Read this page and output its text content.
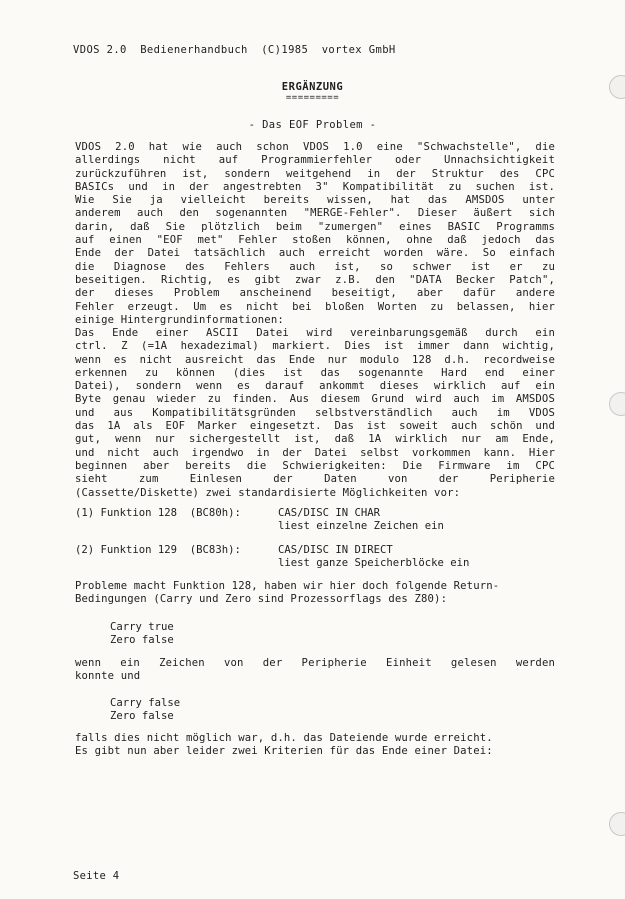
VDOS 2.0  Bedienerhandbuch  (C)1985  vortex GmbH
ERGÄNZUNG
=========
- Das EOF Problem -
VDOS 2.0 hat wie auch schon VDOS 1.0 eine "Schwachstelle", die
allerdings nicht auf Programmierfehler oder Unnachsichtigkeit
zurückzuführen ist, sondern weitgehend in der Struktur des CPC
BASICs und in der angestrebten 3" Kompatibilität zu suchen ist.
Wie Sie ja vielleicht bereits wissen, hat das AMSDOS unter
anderem auch den sogenannten "MERGE-Fehler". Dieser äußert sich
darin, daß Sie plötzlich beim "zumergen" eines BASIC Programms
auf einen "EOF met" Fehler stoßen können, ohne daß jedoch das
Ende der Datei tatsächlich auch erreicht worden wäre. So einfach
die Diagnose des Fehlers auch ist, so schwer ist er zu
beseitigen. Richtig, es gibt zwar z.B. den "DATA Becker Patch",
der dieses Problem anscheinend beseitigt, aber dafür andere
Fehler erzeugt. Um es nicht bei bloßen Worten zu belassen, hier
einige Hintergrundinformationen:
Das Ende einer ASCII Datei wird vereinbarungsgemäß durch ein
ctrl. Z (=1A hexadezimal) markiert. Dies ist immer dann wichtig,
wenn es nicht ausreicht das Ende nur modulo 128 d.h. recordweise
erkennen zu können (dies ist das sogenannte Hard end einer
Datei), sondern wenn es darauf ankommt dieses wirklich auf ein
Byte genau wieder zu finden. Aus diesem Grund wird auch im AMSDOS
und aus Kompatibilitätsgründen selbstverständlich auch im VDOS
das 1A als EOF Marker eingesetzt. Das ist soweit auch schön und
gut, wenn nur sichergestellt ist, daß 1A wirklich nur am Ende,
und nicht auch irgendwo in der Datei selbst vorkommen kann. Hier
beginnen aber bereits die Schwierigkeiten: Die Firmware im CPC
sieht zum Einlesen der Daten von der Peripherie
(Cassette/Diskette) zwei standardisierte Möglichkeiten vor:

(1) Funktion 128  (BC80h):

	CAS/DISC IN CHAR

liest einzelne Zeichen ein

(2) Funktion 129  (BC83h):

	CAS/DISC IN DIRECT

liest ganze Speicherblöcke ein

Probleme macht Funktion 128, haben wir hier doch folgende Return-
Bedingungen (Carry und Zero sind Prozessorflags des Z80):
Carry true
Zero false
wenn ein Zeichen von der Peripherie Einheit gelesen werden
konnte und
Carry false
Zero false
falls dies nicht möglich war, d.h. das Dateiende wurde erreicht.
Es gibt nun aber leider zwei Kriterien für das Ende einer Datei:
Seite 4
